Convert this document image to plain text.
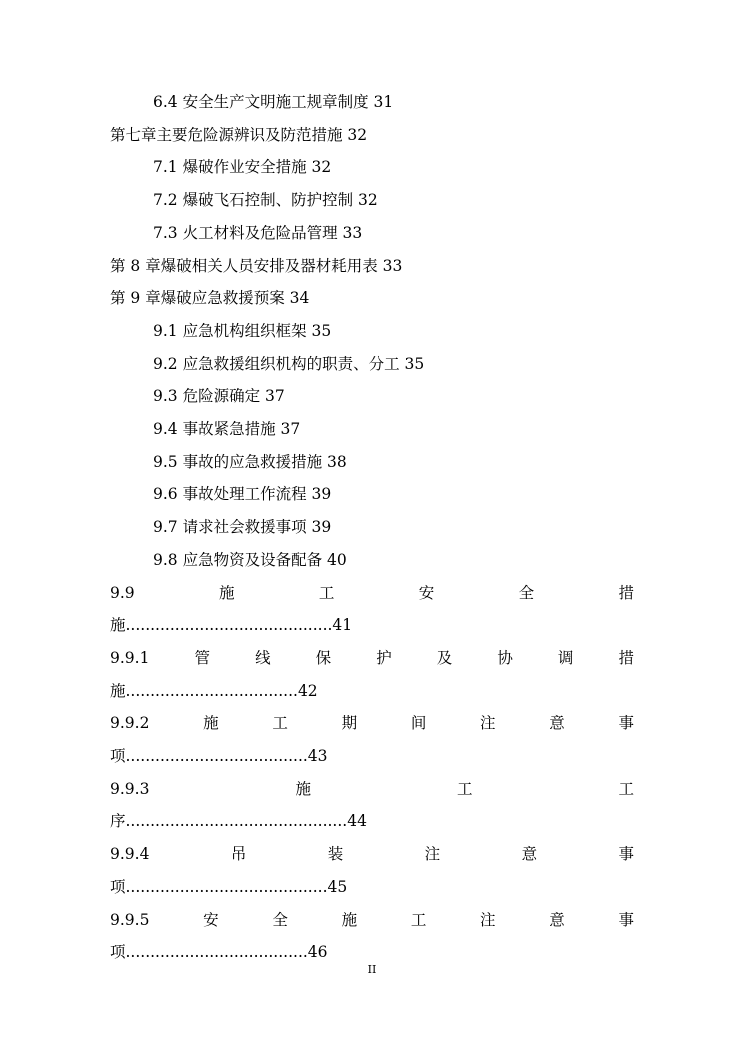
6.4 安全生产文明施工规章制度 31
第七章主要危险源辨识及防范措施 32
7.1 爆破作业安全措施 32
7.2 爆破飞石控制、防护控制 32
7.3 火工材料及危险品管理 33
第 8 章爆破相关人员安排及器材耗用表 33
第 9 章爆破应急救援预案 34
9.1 应急机构组织框架 35
9.2 应急救援组织机构的职责、分工 35
9.3 危险源确定 37
9.4 事故紧急措施 37
9.5 事故的应急救援措施 38
9.6 事故处理工作流程 39
9.7 请求社会救援事项 39
9.8 应急物资及设备配备 40
9.9	施	工	安	全	措
施..........................................41
9.9.1	管	线	保	护	及	协	调	措
施...................................42
9.9.2	施	工	期	间	注	意	事
项.....................................43
9.9.3	施	工	工
序.............................................44
9.9.4	吊	装	注	意	事
项.........................................45
9.9.5	安	全	施	工	注	意	事
项.....................................46
II
